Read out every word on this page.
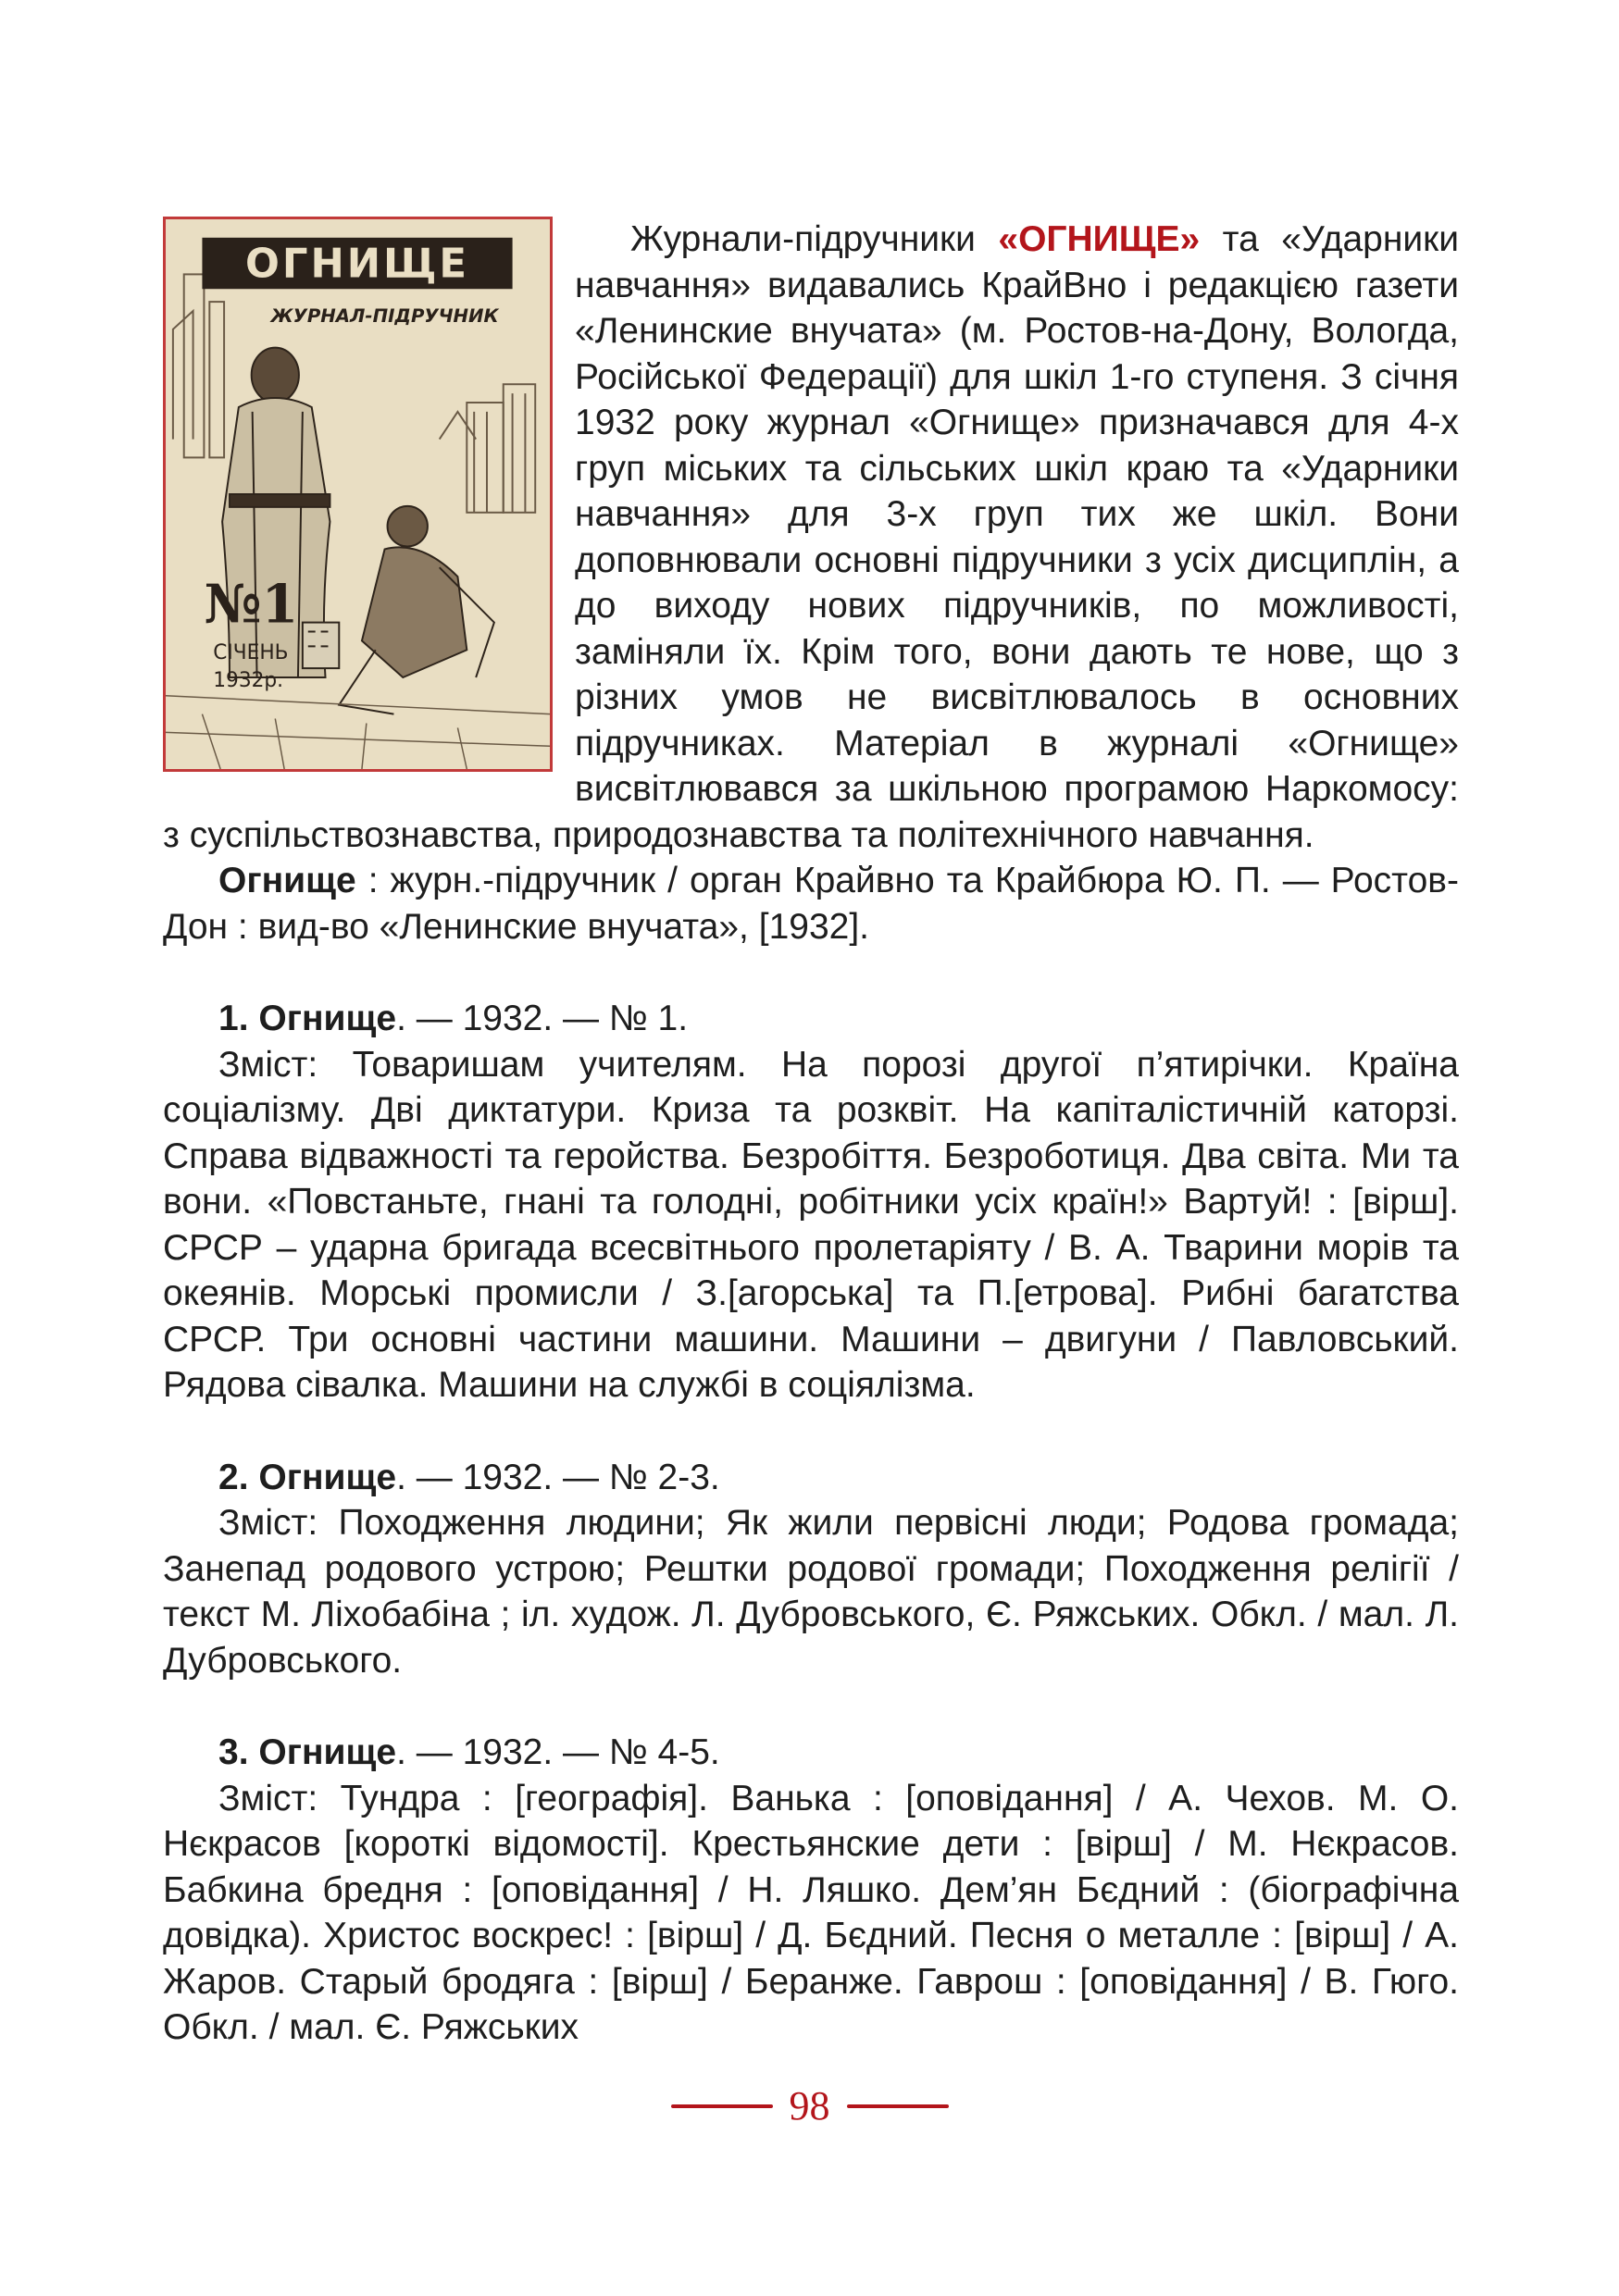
ОГНИЩЕ
ЖУРНАЛ-ПІДРУЧНИК
№1
СІЧЕНЬ
1932р.

Журнали-підручники «ОГНИЩЕ» та «Ударники навчання» видавались КрайВно і редакцією газети «Ленинские внучата» (м. Ростов-на-Дону, Вологда, Російської Федерації) для шкіл 1-го ступеня. З січня 1932 року журнал «Огнище» призначався для 4-х груп міських та сільських шкіл краю та «Ударники навчання» для 3-х груп тих же шкіл. Вони доповнювали основні підручники з усіх дисциплін, а до виходу нових підручників, по можливості, заміняли їх. Крім того, вони дають те нове, що з різних умов не висвітлювалось в основних підручниках. Матеріал в журналі «Огнище» висвітлювався за шкільною програмою Наркомосу: з суспільствознавства, природознавства та політехнічного навчання.

Огнище : журн.-підручник / орган Крайвно та Крайбюра Ю. П. — Ростов-Дон : вид-во «Ленинские внучата», [1932].

1. Огнище. — 1932. — № 1.

Зміст: Товаришам учителям. На порозі другої п’ятирічки. Країна соціалізму. Дві диктатури. Криза та розквіт. На капіталістичній каторзі. Справа відважності та геройства. Безробіття. Безроботиця. Два світа. Ми та вони. «Повстаньте, гнані та голодні, робітники усіх країн!» Вартуй! : [вірш]. СРСР – ударна бригада всесвітнього пролетаріяту / В. А. Тварини морів та океянів. Морські промисли / З.[агорська] та П.[етрова]. Рибні багатства СРСР. Три основні частини машини. Машини – двигуни / Павловський. Рядова сівалка. Машини на службі в соціялізма.

2. Огнище. — 1932. — № 2-3.

Зміст: Походження людини; Як жили первісні люди; Родова громада; Занепад родового устрою; Рештки родової громади; Походження релігії / текст М. Ліхобабіна ; іл. худож. Л. Дубровського, Є. Ряжських. Обкл. / мал. Л. Дубровського.

3. Огнище. — 1932. — № 4-5.

Зміст: Тундра : [географія]. Ванька : [оповідання] / А. Чехов. М. О. Нєкрасов [короткі відомості]. Крестьянские дети : [вірш] / М. Нєкрасов. Бабкина бредня : [оповідання] / Н. Ляшко. Дем’ян Бєдний : (біографічна довідка). Христос воскрес! : [вірш] / Д. Бєдний. Песня о металле : [вірш] / А. Жаров. Старый бродяга : [вірш] / Беранже. Гаврош : [оповідання] / В. Гюго. Обкл. / мал. Є. Ряжських

98
